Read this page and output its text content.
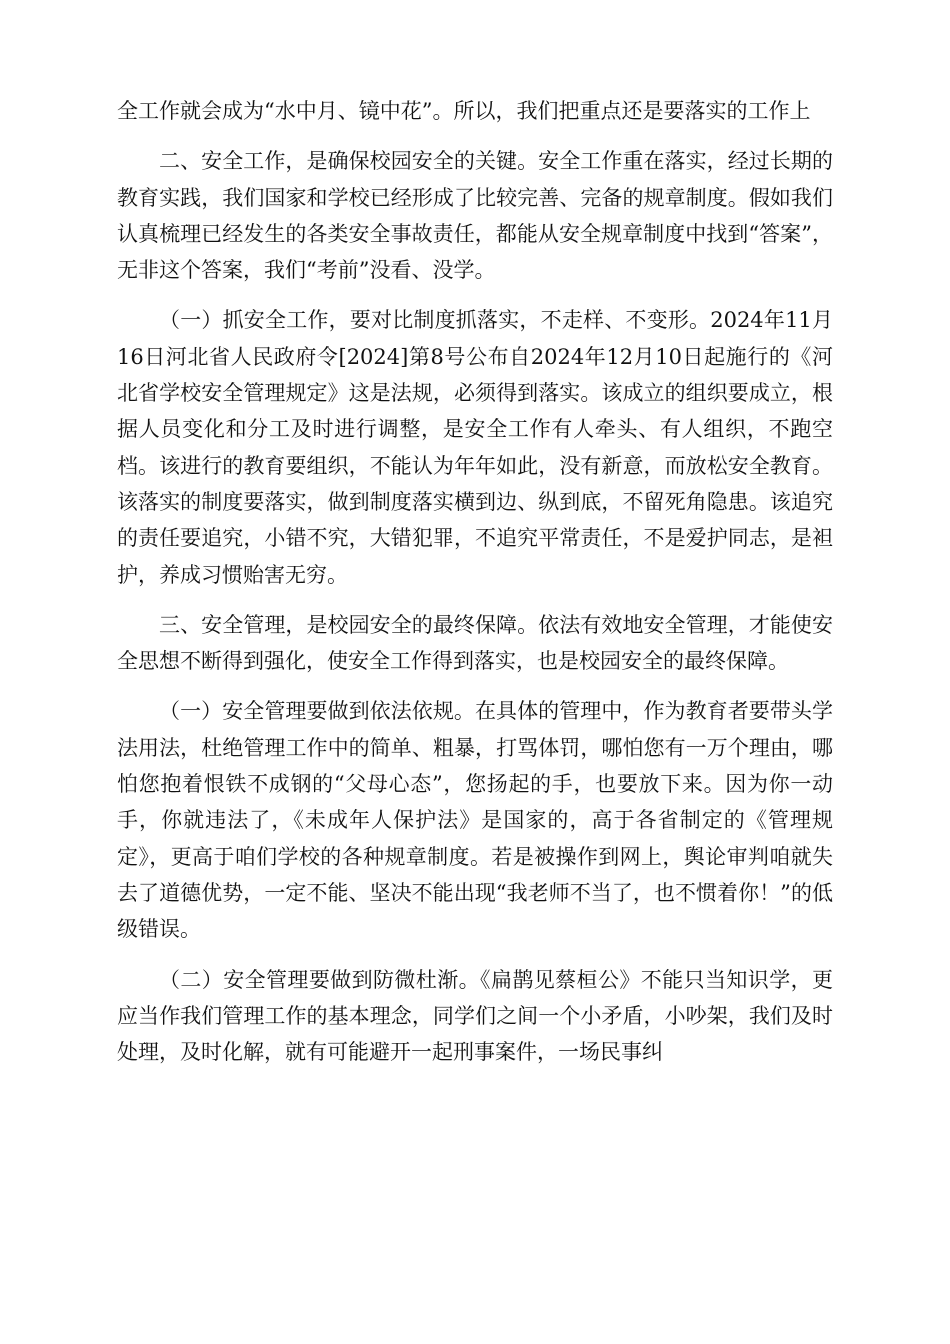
全工作就会成为“水中月、镜中花”。所以，我们把重点还是要落实的工作上

二、安全工作，是确保校园安全的关键。安全工作重在落实，经过长期的教育实践，我们国家和学校已经形成了比较完善、完备的规章制度。假如我们认真梳理已经发生的各类安全事故责任，都能从安全规章制度中找到“答案”，无非这个答案，我们“考前”没看、没学。

（一）抓安全工作，要对比制度抓落实，不走样、不变形。2024年11月16日河北省人民政府令[2024]第8号公布自2024年12月10日起施行的《河北省学校安全管理规定》这是法规，必须得到落实。该成立的组织要成立，根据人员变化和分工及时进行调整，是安全工作有人牵头、有人组织，不跑空档。该进行的教育要组织，不能认为年年如此，没有新意，而放松安全教育。该落实的制度要落实，做到制度落实横到边、纵到底，不留死角隐患。该追究的责任要追究，小错不究，大错犯罪，不追究平常责任，不是爱护同志，是袒护，养成习惯贻害无穷。

三、安全管理，是校园安全的最终保障。依法有效地安全管理，才能使安全思想不断得到强化，使安全工作得到落实，也是校园安全的最终保障。

（一）安全管理要做到依法依规。在具体的管理中，作为教育者要带头学法用法，杜绝管理工作中的简单、粗暴，打骂体罚，哪怕您有一万个理由，哪怕您抱着恨铁不成钢的“父母心态”，您扬起的手，也要放下来。因为你一动手，你就违法了，《未成年人保护法》是国家的，高于各省制定的《管理规定》，更高于咱们学校的各种规章制度。若是被操作到网上，舆论审判咱就失去了道德优势，一定不能、坚决不能出现“我老师不当了，也不惯着你！”的低级错误。

（二）安全管理要做到防微杜渐。《扁鹊见蔡桓公》不能只当知识学，更应当作我们管理工作的基本理念，同学们之间一个小矛盾，小吵架，我们及时处理，及时化解，就有可能避开一起刑事案件，一场民事纠
